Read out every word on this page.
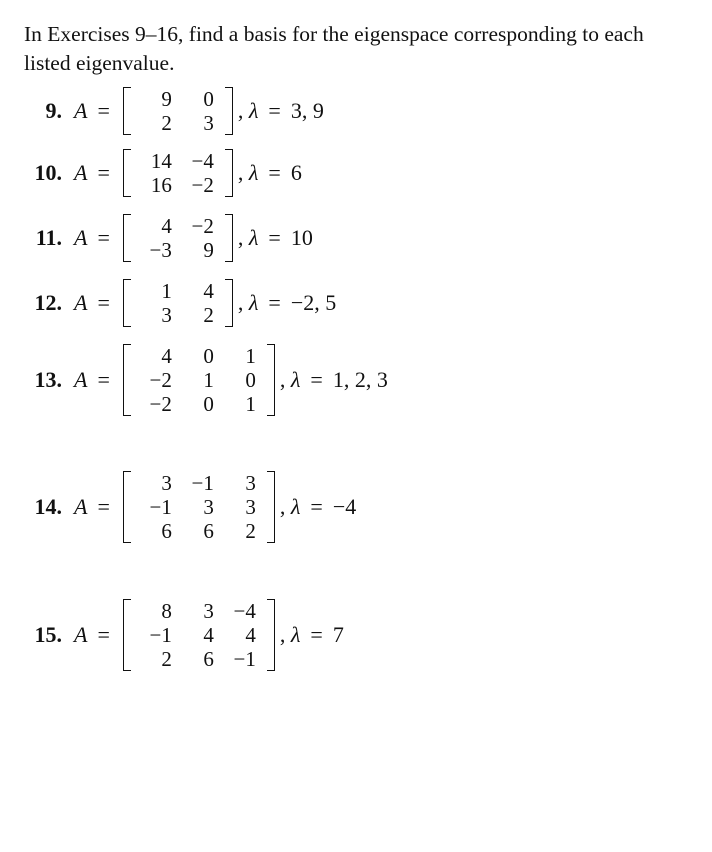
In Exercises 9–16, find a basis for the eigenspace corresponding to each listed eigenvalue.
9. A = 9	0
2	3 , λ = 3, 9
10. A = 14	−4
16	−2 , λ = 6
11. A = 4	−2
−3	9 , λ = 10
12. A = 1	4
3	2 , λ = −2, 5
13. A =
4	0	1
−2	1	0
−2	0	1
, λ = 1, 2, 3
14. A =
3	−1	3
−1	3	3
6	6	2
, λ = −4
15. A =
8	3	−4
−1	4	4
2	6	−1
, λ = 7
